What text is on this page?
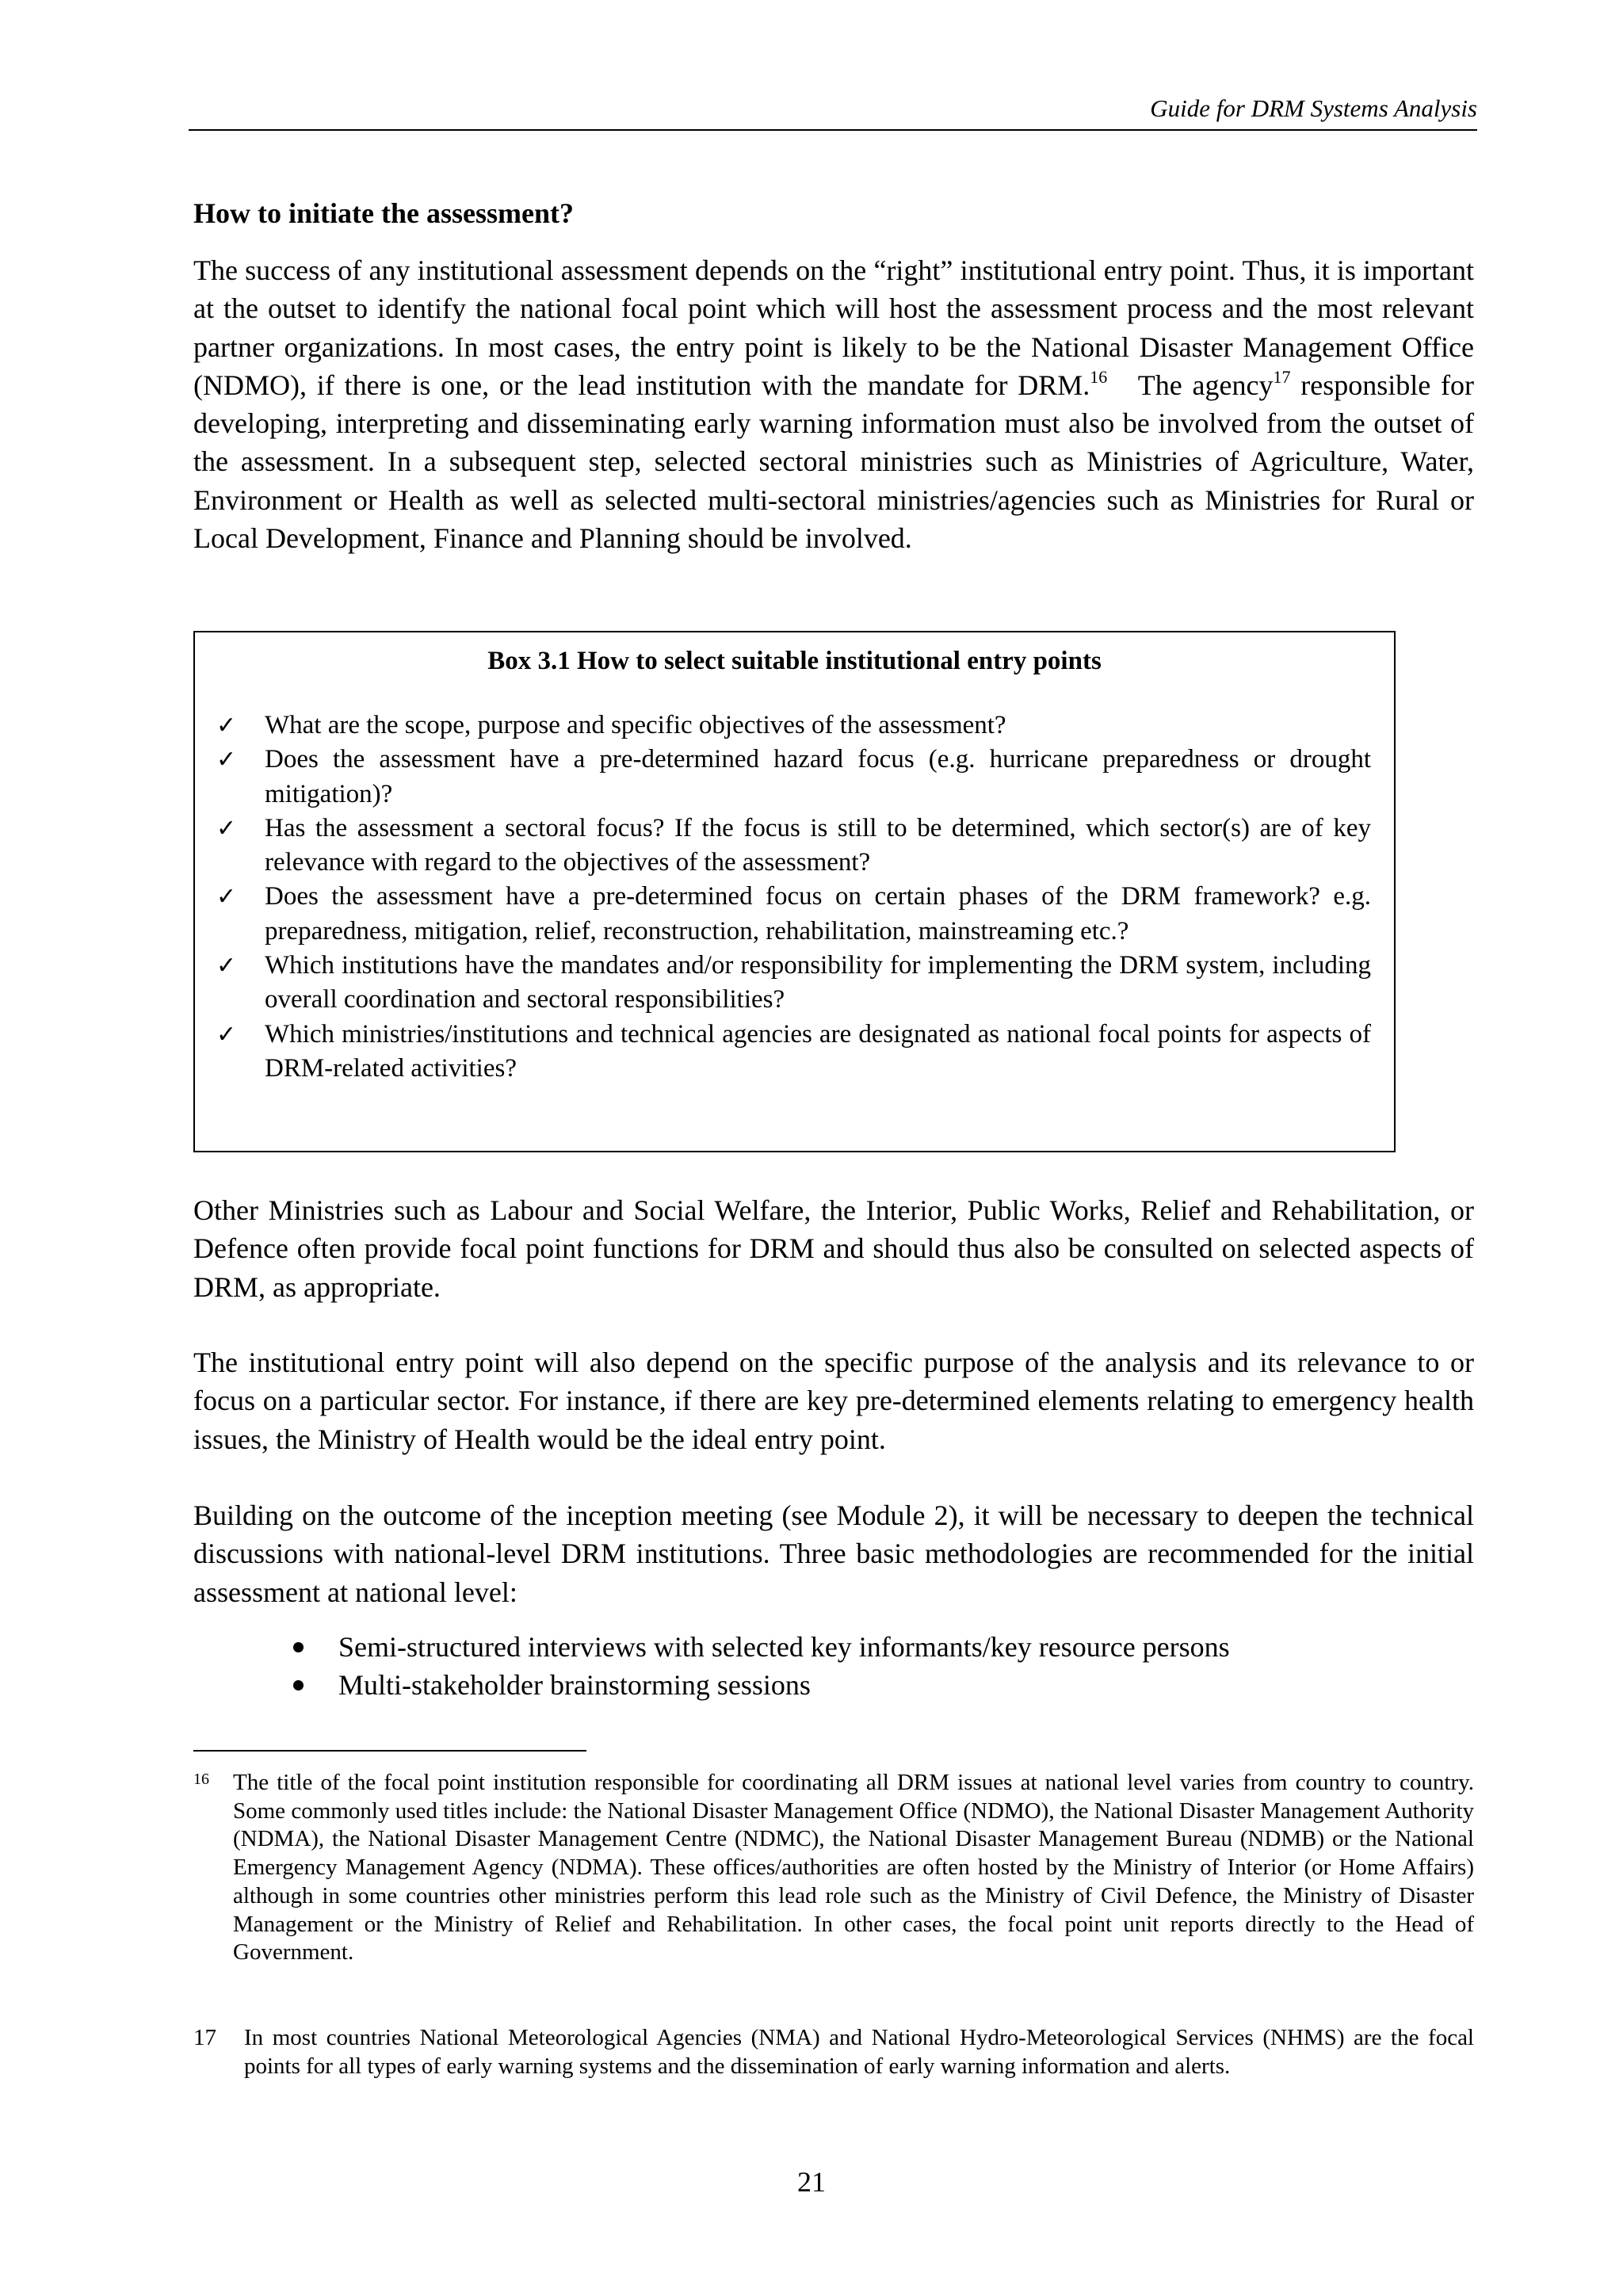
Guide for DRM Systems Analysis
How to initiate the assessment?

The success of any institutional assessment depends on the “right” institutional entry point. Thus, it is important at the outset to identify the national focal point which will host the assessment process and the most relevant partner organizations. In most cases, the entry point is likely to be the National Disaster Management Office (NDMO), if there is one, or the lead institution with the mandate for DRM.$^{16}$ The agency$^{17}$ responsible for developing, interpreting and disseminating early warning information must also be involved from the outset of the assessment. In a subsequent step, selected sectoral ministries such as Ministries of Agriculture, Water, Environment or Health as well as selected multi-sectoral ministries/agencies such as Ministries for Rural or Local Development, Finance and Planning should be involved.

Box 3.1 How to select suitable institutional entry points
✓ What are the scope, purpose and specific objectives of the assessment?
✓ Does the assessment have a pre-determined hazard focus (e.g. hurricane preparedness or drought mitigation)?
✓ Has the assessment a sectoral focus? If the focus is still to be determined, which sector(s) are of key relevance with regard to the objectives of the assessment?
✓ Does the assessment have a pre-determined focus on certain phases of the DRM framework? e.g. preparedness, mitigation, relief, reconstruction, rehabilitation, mainstreaming etc.?
✓ Which institutions have the mandates and/or responsibility for implementing the DRM system, including overall coordination and sectoral responsibilities?
✓ Which ministries/institutions and technical agencies are designated as national focal points for aspects of DRM-related activities?

Other Ministries such as Labour and Social Welfare, the Interior, Public Works, Relief and Rehabilitation, or Defence often provide focal point functions for DRM and should thus also be consulted on selected aspects of DRM, as appropriate.

The institutional entry point will also depend on the specific purpose of the analysis and its relevance to or focus on a particular sector. For instance, if there are key pre-determined elements relating to emergency health issues, the Ministry of Health would be the ideal entry point.

Building on the outcome of the inception meeting (see Module 2), it will be necessary to deepen the technical discussions with national-level DRM institutions. Three basic methodologies are recommended for the initial assessment at national level:

Semi-structured interviews with selected key informants/key resource persons
Multi-stakeholder brainstorming sessions
16 The title of the focal point institution responsible for coordinating all DRM issues at national level varies from country to country. Some commonly used titles include: the National Disaster Management Office (NDMO), the National Disaster Management Authority (NDMA), the National Disaster Management Centre (NDMC), the National Disaster Management Bureau (NDMB) or the National Emergency Management Agency (NDMA). These offices/authorities are often hosted by the Ministry of Interior (or Home Affairs) although in some countries other ministries perform this lead role such as the Ministry of Civil Defence, the Ministry of Disaster Management or the Ministry of Relief and Rehabilitation. In other cases, the focal point unit reports directly to the Head of Government.
17 In most countries National Meteorological Agencies (NMA) and National Hydro-Meteorological Services (NHMS) are the focal points for all types of early warning systems and the dissemination of early warning information and alerts.
21
